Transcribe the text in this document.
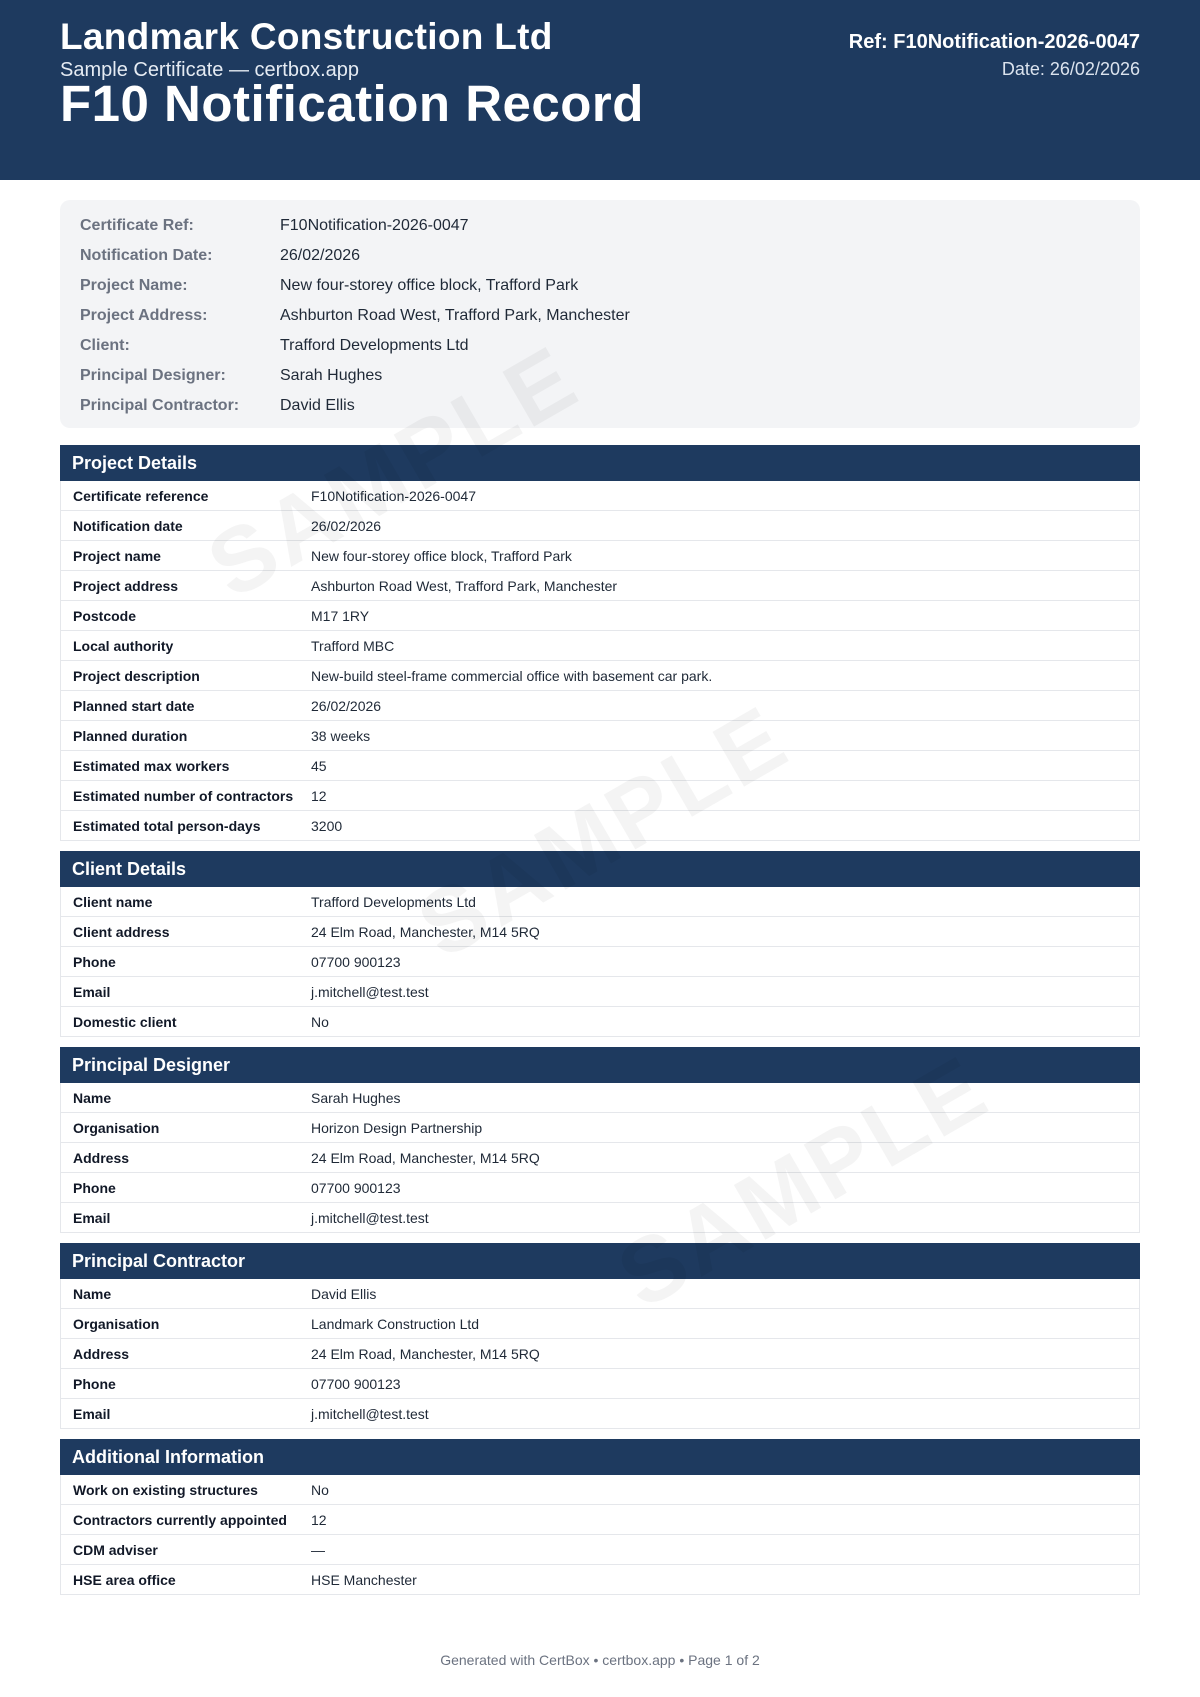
Landmark Construction Ltd
Sample Certificate — certbox.app
F10 Notification Record
Ref: F10Notification-2026-0047
Date: 26/02/2026
Certificate Ref:	F10Notification-2026-0047
Notification Date:	26/02/2026
Project Name:	New four-storey office block, Trafford Park
Project Address:	Ashburton Road West, Trafford Park, Manchester
Client:	Trafford Developments Ltd
Principal Designer:	Sarah Hughes
Principal Contractor:	David Ellis
Project Details
Certificate reference	F10Notification-2026-0047
Notification date	26/02/2026
Project name	New four-storey office block, Trafford Park
Project address	Ashburton Road West, Trafford Park, Manchester
Postcode	M17 1RY
Local authority	Trafford MBC
Project description	New-build steel-frame commercial office with basement car park.
Planned start date	26/02/2026
Planned duration	38 weeks
Estimated max workers	45
Estimated number of contractors	12
Estimated total person-days	3200
Client Details
Client name	Trafford Developments Ltd
Client address	24 Elm Road, Manchester, M14 5RQ
Phone	07700 900123
Email	j.mitchell@test.test
Domestic client	No
Principal Designer
Name	Sarah Hughes
Organisation	Horizon Design Partnership
Address	24 Elm Road, Manchester, M14 5RQ
Phone	07700 900123
Email	j.mitchell@test.test
Principal Contractor
Name	David Ellis
Organisation	Landmark Construction Ltd
Address	24 Elm Road, Manchester, M14 5RQ
Phone	07700 900123
Email	j.mitchell@test.test
Additional Information
Work on existing structures	No
Contractors currently appointed	12
CDM adviser	—
HSE area office	HSE Manchester
Generated with CertBox • certbox.app • Page 1 of 2
